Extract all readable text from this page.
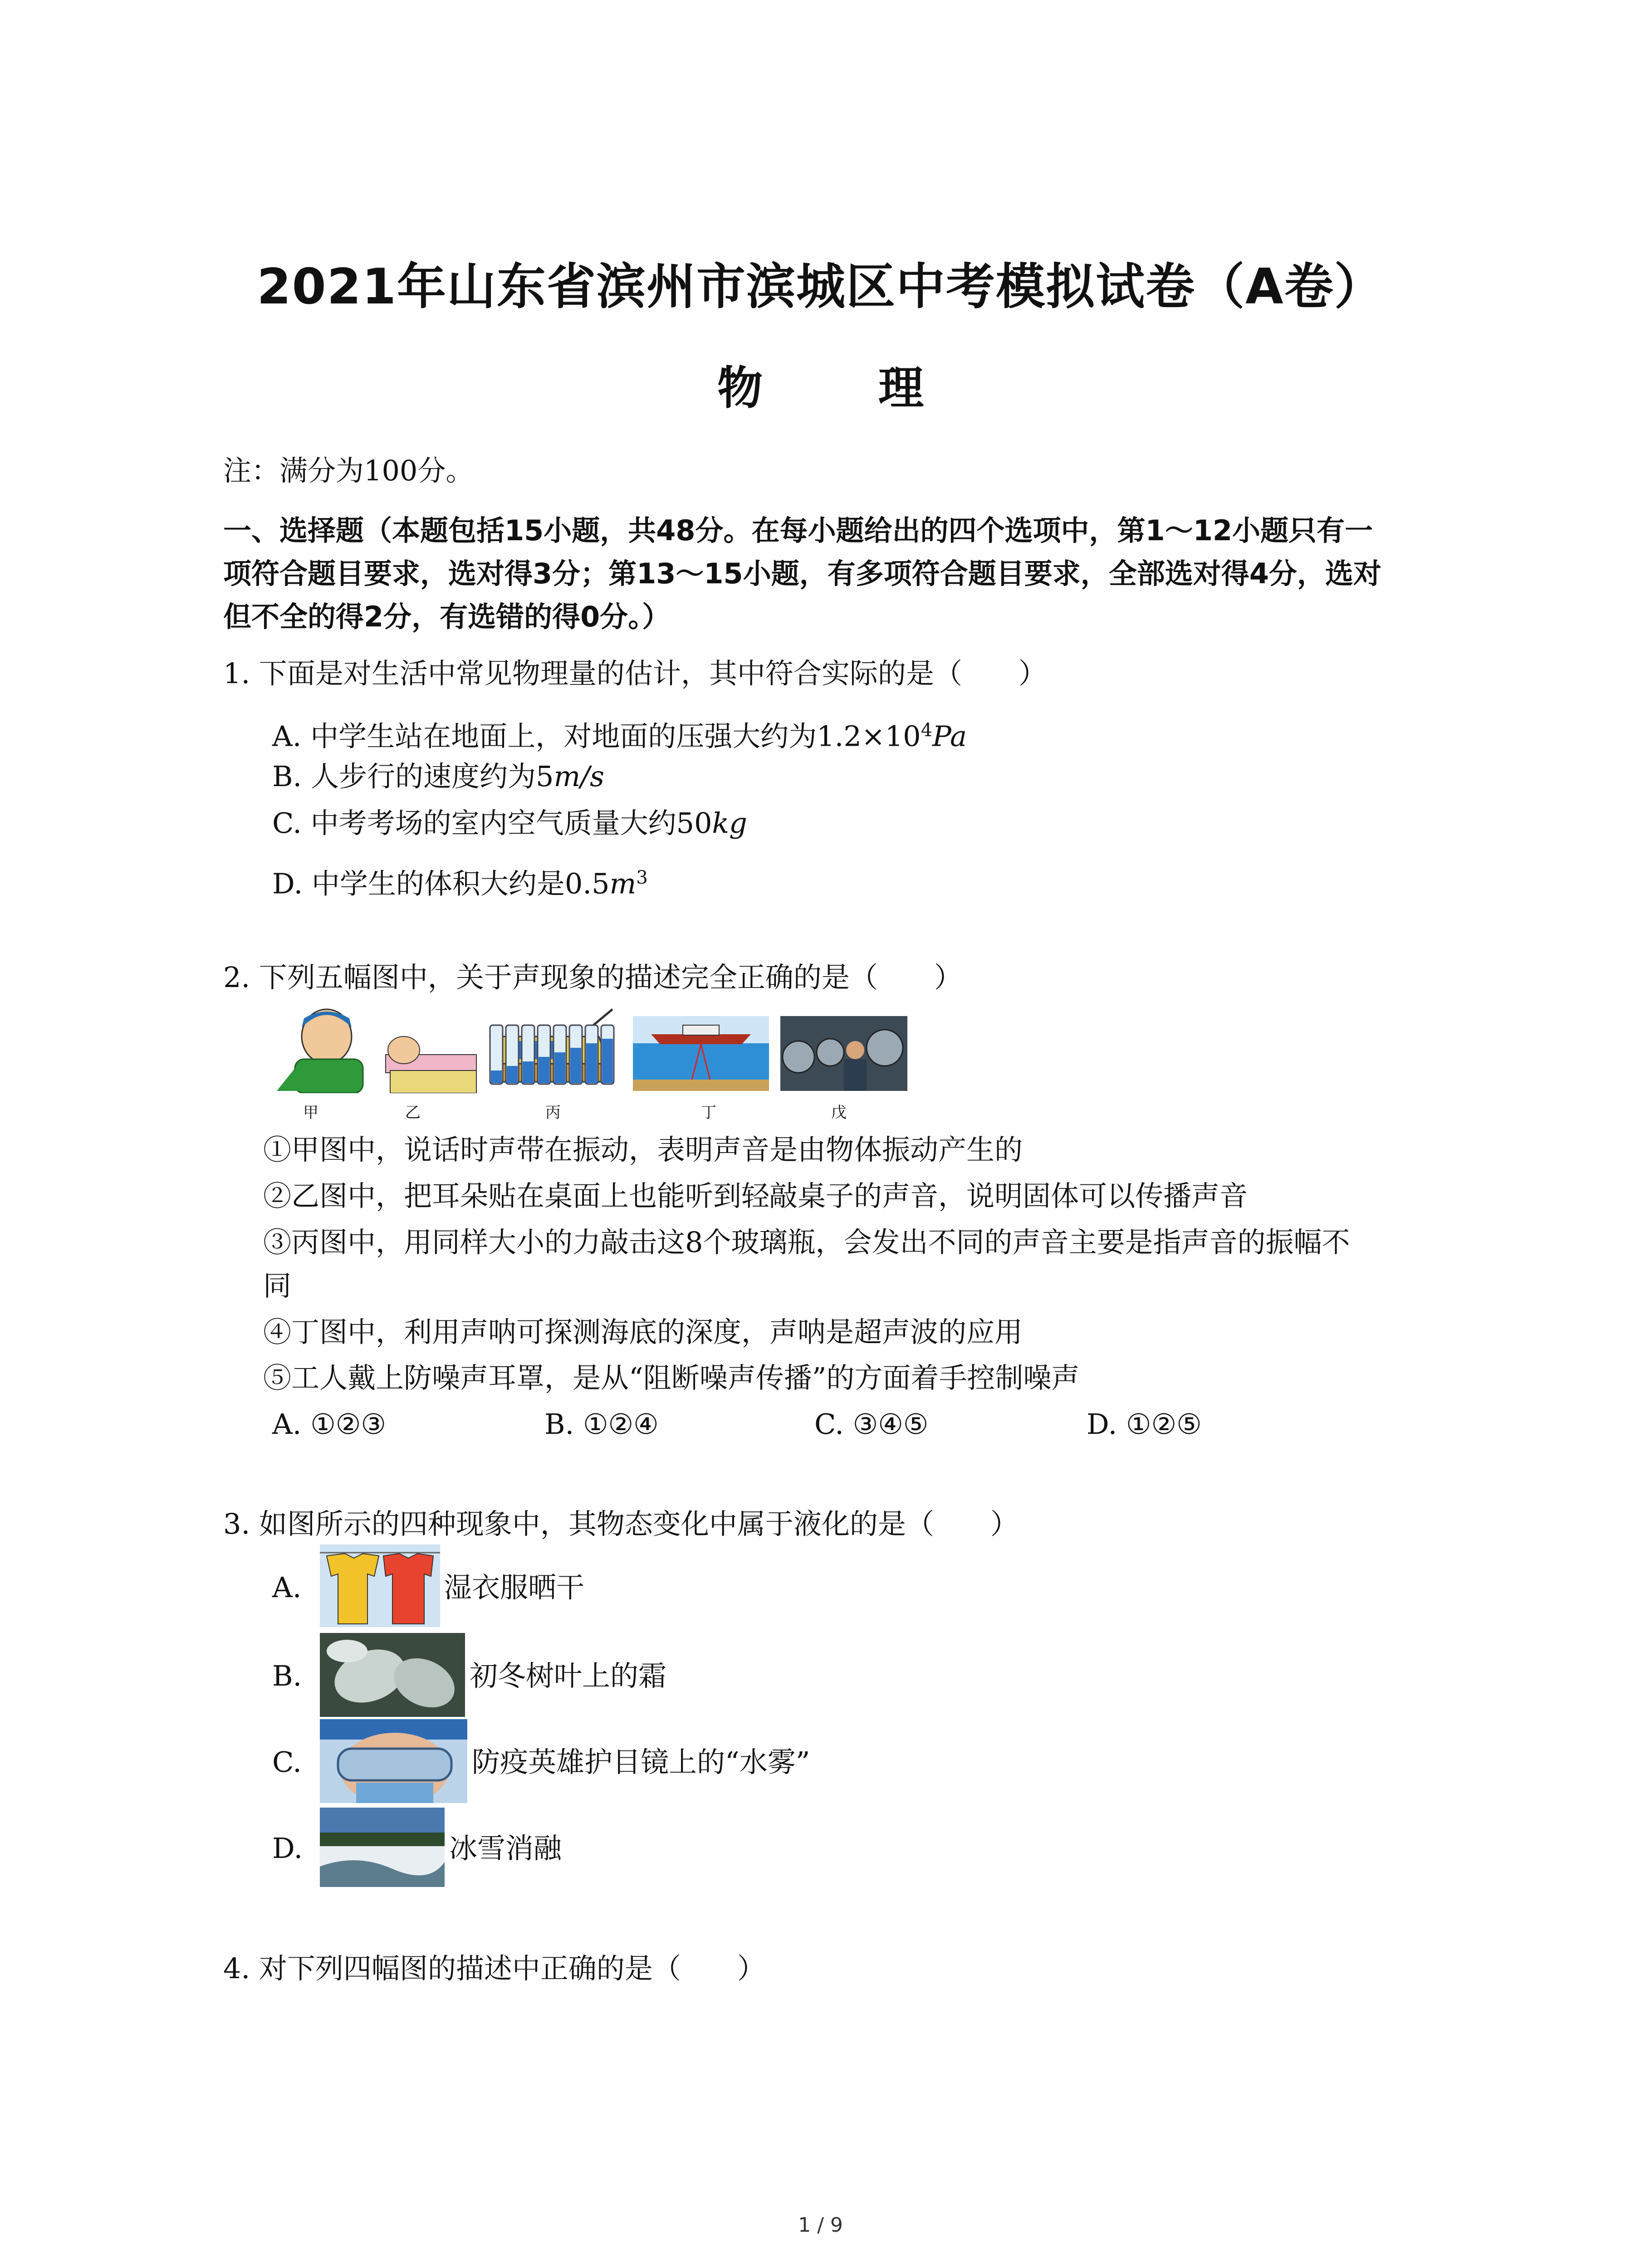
2021年山东省滨州市滨城区中考模拟试卷（A卷）
物 理
注：满分为100分。
一、选择题（本题包括15小题，共48分。在每小题给出的四个选项中，第1～12小题只有一
项符合题目要求，选对得3分；第13～15小题，有多项符合题目要求，全部选对得4分，选对
但不全的得2分，有选错的得0分。）
1. 下面是对生活中常见物理量的估计，其中符合实际的是（　　）
A. 中学生站在地面上，对地面的压强大约为$1.2\times 10^4Pa$
B. 人步行的速度约为5m/s
C. 中考考场的室内空气质量大约50kg
D. 中学生的体积大约是$0.5m^3$
2. 下列五幅图中，关于声现象的描述完全正确的是（　　）
甲	乙	丙	丁	戊
①甲图中，说话时声带在振动，表明声音是由物体振动产生的
②乙图中，把耳朵贴在桌面上也能听到轻敲桌子的声音，说明固体可以传播声音
③丙图中，用同样大小的力敲击这8个玻璃瓶，会发出不同的声音主要是指声音的振幅不
同
④丁图中，利用声呐可探测海底的深度，声呐是超声波的应用
⑤工人戴上防噪声耳罩，是从“阻断噪声传播”的方面着手控制噪声
A. ①②③	B. ①②④	C. ③④⑤	D. ①②⑤
3. 如图所示的四种现象中，其物态变化中属于液化的是（　　）
A.	湿衣服晒干
B.	初冬树叶上的霜
C.	防疫英雄护目镜上的“水雾”
D.	冰雪消融
4. 对下列四幅图的描述中正确的是（　　）
1 / 9
